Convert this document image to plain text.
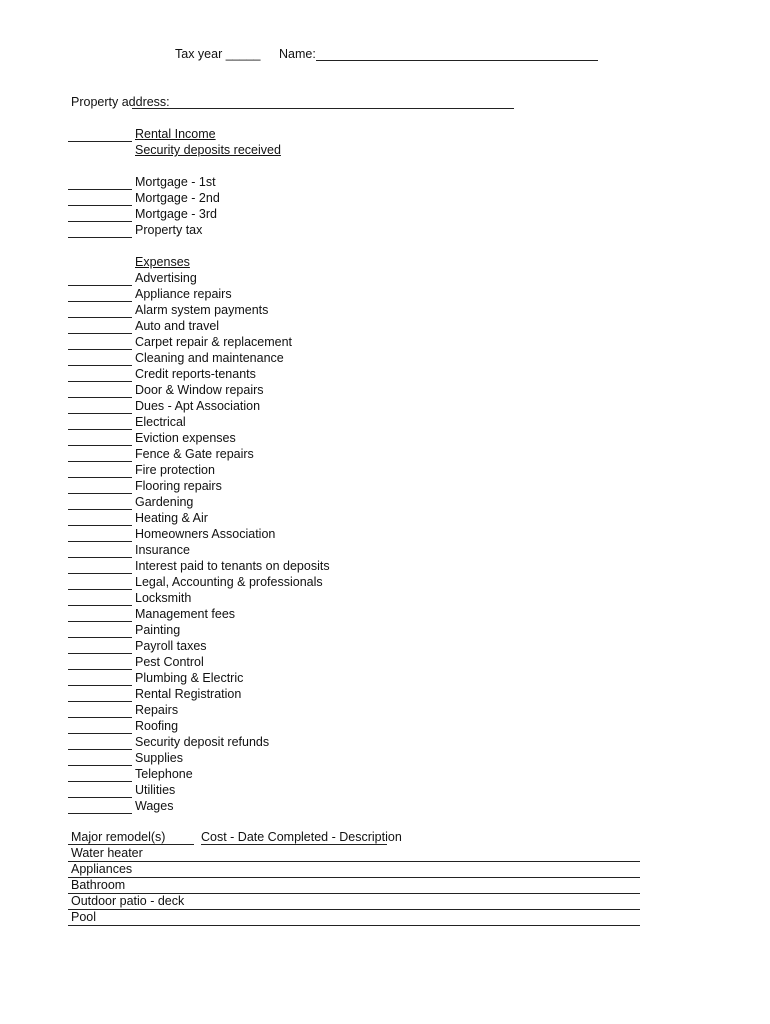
Tax year _____ Name:
Property address:
Rental Income
Security deposits received
Mortgage - 1st
Mortgage - 2nd
Mortgage - 3rd
Property tax
Expenses
Advertising
Appliance repairs
Alarm system payments
Auto and travel
Carpet repair & replacement
Cleaning and maintenance
Credit reports-tenants
Door & Window repairs
Dues - Apt Association
Electrical
Eviction expenses
Fence & Gate repairs
Fire protection
Flooring repairs
Gardening
Heating & Air
Homeowners Association
Insurance
Interest paid to tenants on deposits
Legal, Accounting & professionals
Locksmith
Management fees
Painting
Payroll taxes
Pest Control
Plumbing & Electric
Rental Registration
Repairs
Roofing
Security deposit refunds
Supplies
Telephone
Utilities
Wages
Major remodel(s)	Cost - Date Completed - Description
Water heater
Appliances
Bathroom
Outdoor patio - deck
Pool
